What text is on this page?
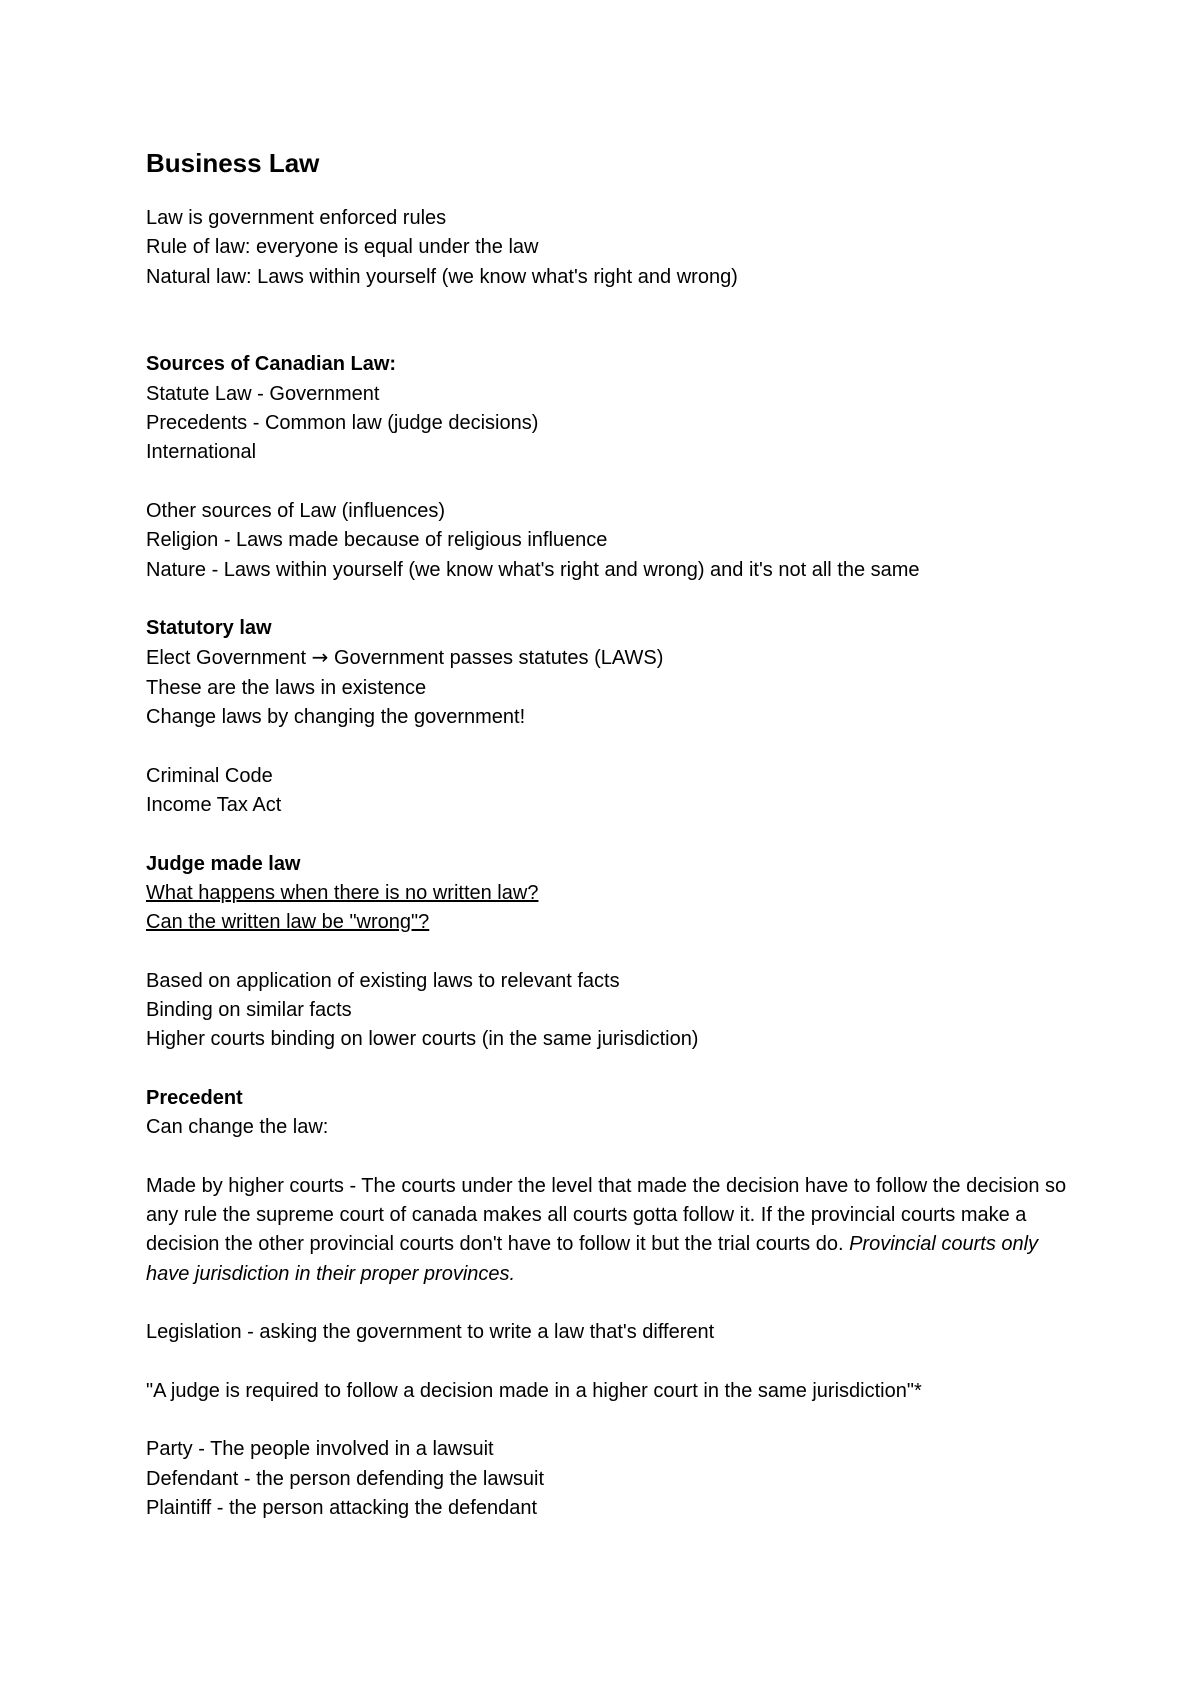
Business Law
Law is government enforced rules
Rule of law: everyone is equal under the law
Natural law: Laws within yourself (we know what's right and wrong)
Sources of Canadian Law:
Statute Law - Government
Precedents - Common law (judge decisions)
International
Other sources of Law (influences)
Religion - Laws made because of religious influence
Nature - Laws within yourself (we know what's right and wrong) and it's not all the same
Statutory law
Elect Government → Government passes statutes (LAWS)
These are the laws in existence
Change laws by changing the government!
Criminal Code
Income Tax Act
Judge made law
What happens when there is no written law?
Can the written law be "wrong"?
Based on application of existing laws to relevant facts
Binding on similar facts
Higher courts binding on lower courts (in the same jurisdiction)
Precedent
Can change the law:
Made by higher courts - The courts under the level that made the decision have to follow the decision so any rule the supreme court of canada makes all courts gotta follow it. If the provincial courts make a decision the other provincial courts don't have to follow it but the trial courts do. Provincial courts only have jurisdiction in their proper provinces.
Legislation - asking the government to write a law that's different
"A judge is required to follow a decision made in a higher court in the same jurisdiction"*
Party - The people involved in a lawsuit
Defendant - the person defending the lawsuit
Plaintiff - the person attacking the defendant
